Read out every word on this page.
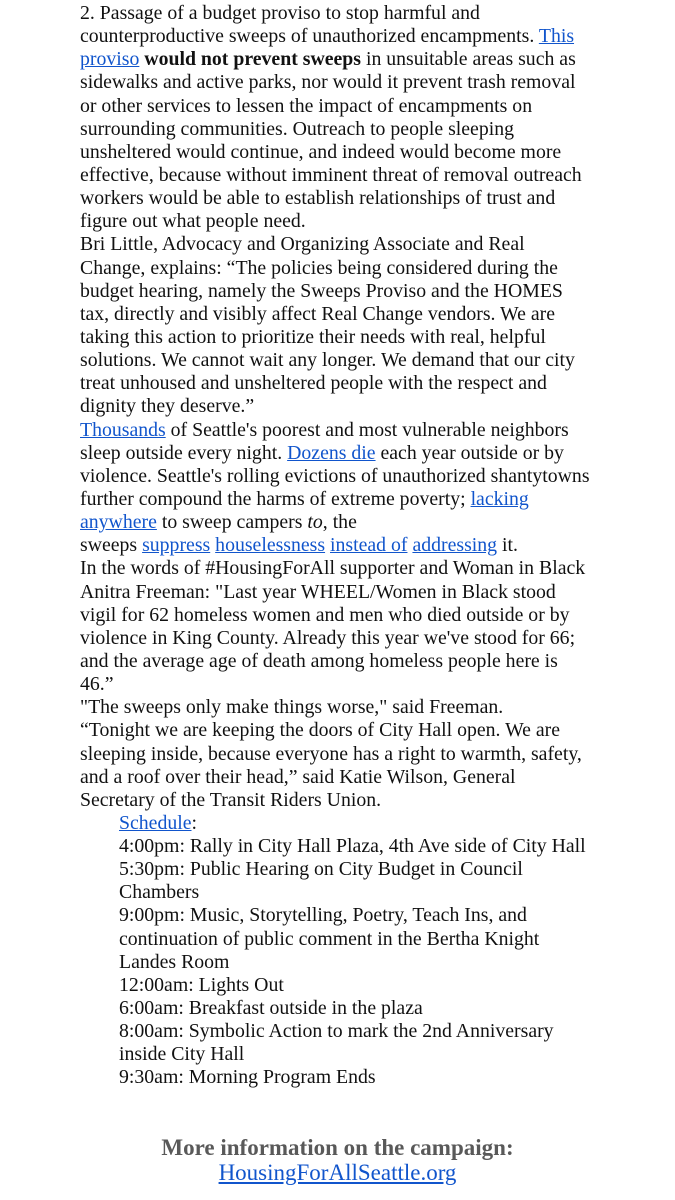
2. Passage of a budget proviso to stop harmful and
counterproductive sweeps of unauthorized encampments. This
proviso would not prevent sweeps in unsuitable areas such as
sidewalks and active parks, nor would it prevent trash removal
or other services to lessen the impact of encampments on
surrounding communities. Outreach to people sleeping
unsheltered would continue, and indeed would become more
effective, because without imminent threat of removal outreach
workers would be able to establish relationships of trust and
figure out what people need.
Bri Little, Advocacy and Organizing Associate and Real
Change, explains: “The policies being considered during the
budget hearing, namely the Sweeps Proviso and the HOMES
tax, directly and visibly affect Real Change vendors. We are
taking this action to prioritize their needs with real, helpful
solutions. We cannot wait any longer. We demand that our city
treat unhoused and unsheltered people with the respect and
dignity they deserve.”
Thousands of Seattle's poorest and most vulnerable neighbors
sleep outside every night. Dozens die each year outside or by
violence. Seattle's rolling evictions of unauthorized shantytowns
further compound the harms of extreme poverty; lacking
anywhere to sweep campers to, the
sweeps suppress houselessness instead of addressing it.
In the words of #HousingForAll supporter and Woman in Black
Anitra Freeman: "Last year WHEEL/Women in Black stood
vigil for 62 homeless women and men who died outside or by
violence in King County. Already this year we've stood for 66;
and the average age of death among homeless people here is
46.”
"The sweeps only make things worse," said Freeman.
“Tonight we are keeping the doors of City Hall open. We are
sleeping inside, because everyone has a right to warmth, safety,
and a roof over their head,” said Katie Wilson, General
Secretary of the Transit Riders Union.
Schedule:
4:00pm: Rally in City Hall Plaza, 4th Ave side of City Hall
5:30pm: Public Hearing on City Budget in Council
Chambers
9:00pm: Music, Storytelling, Poetry, Teach Ins, and
continuation of public comment in the Bertha Knight
Landes Room
12:00am: Lights Out
6:00am: Breakfast outside in the plaza
8:00am: Symbolic Action to mark the 2nd Anniversary
inside City Hall
9:30am: Morning Program Ends
More information on the campaign:
HousingForAllSeattle.org
